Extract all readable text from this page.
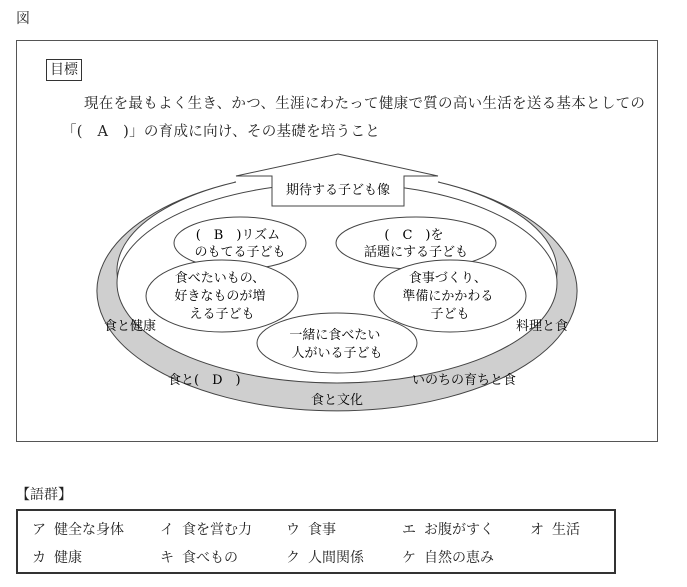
図
目標
現在を最もよく生き、かつ、生涯にわたって健康で質の高い生活を送る基本としての
「(　A　)」の育成に向け、その基礎を培うこと
期待する子ども像
(　B　)リズム のもてる子ども
(　C　)を 話題にする子ども
食べたいもの、 好きなものが増 える子ども
食事づくり、 準備にかかわる 子ども
一緒に食べたい 人がいる子ども
食と健康	料理と食
食と(　D　)	いのちの育ちと食
食と文化
【語群】
ア 健全な身体	イ 食を営む力 ウ 食事	エ お腹がすく	オ 生活
カ 健康	キ 食べもの	ク 人間関係	ケ 自然の恵み
